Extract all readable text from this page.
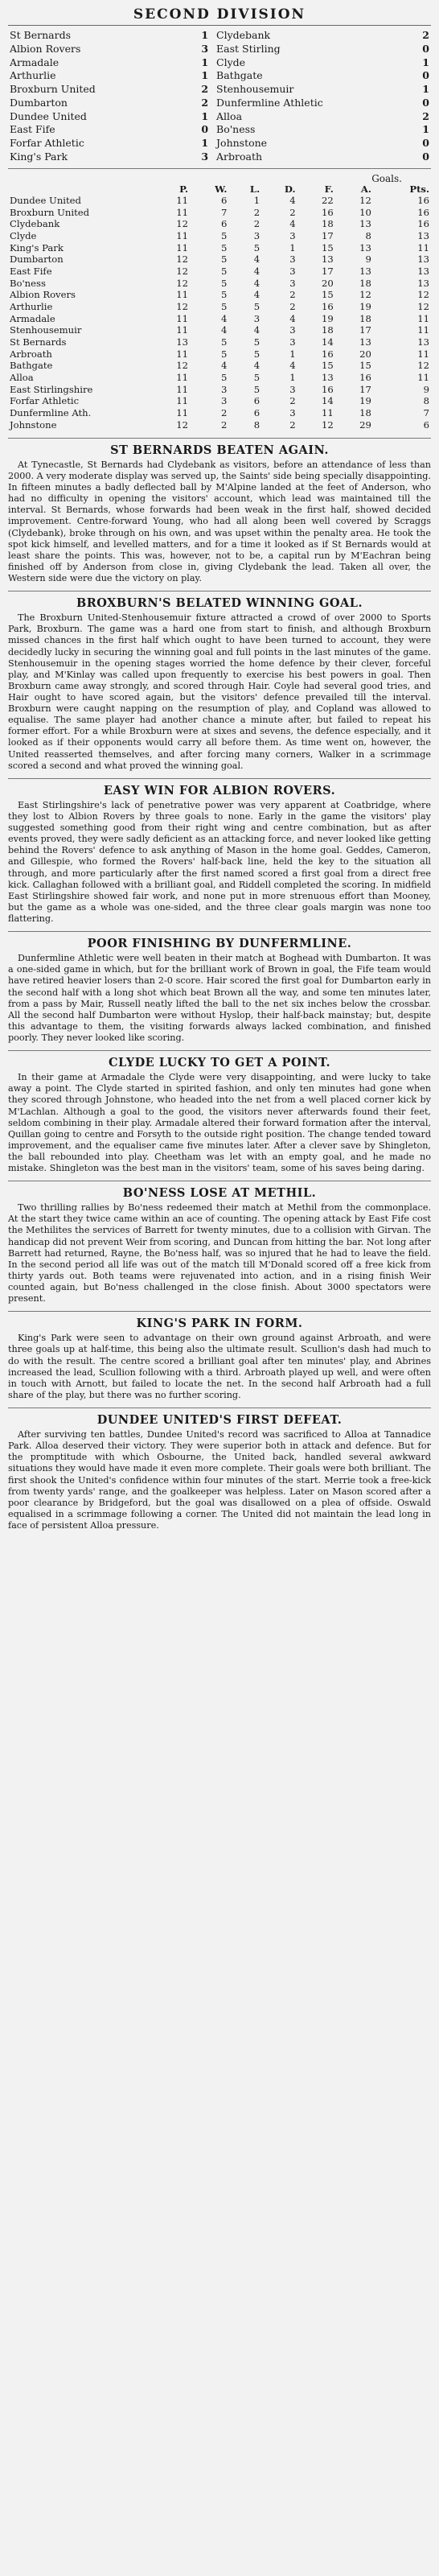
SECOND DIVISION
St Bernards	1	Clydebank	2
Albion Rovers	3	East Stirling	0
Armadale	1	Clyde	1
Arthurlie	1	Bathgate	0
Broxburn United	2	Stenhousemuir	1
Dumbarton	2	Dunfermline Athletic	0
Dundee United	1	Alloa	2
East Fife	0	Bo'ness	1
Forfar Athletic	1	Johnstone	0
King's Park	3	Arbroath	0
Goals.
	P.	W.	L.	D.	F.	A.	Pts.
Dundee United	11	6	1	4	22	12	16
Broxburn United	11	7	2	2	16	10	16
Clydebank	12	6	2	4	18	13	16
Clyde	11	5	3	3	17	8	13
King's Park	11	5	5	1	15	13	11
Dumbarton	12	5	4	3	13	9	13
East Fife	12	5	4	3	17	13	13
Bo'ness	12	5	4	3	20	18	13
Albion Rovers	11	5	4	2	15	12	12
Arthurlie	12	5	5	2	16	19	12
Armadale	11	4	3	4	19	18	11
Stenhousemuir	11	4	4	3	18	17	11
St Bernards	13	5	5	3	14	13	13
Arbroath	11	5	5	1	16	20	11
Bathgate	12	4	4	4	15	15	12
Alloa	11	5	5	1	13	16	11
East Stirlingshire	11	3	5	3	16	17	9
Forfar Athletic	11	3	6	2	14	19	8
Dunfermline Ath.	11	2	6	3	11	18	7
Johnstone	12	2	8	2	12	29	6
ST BERNARDS BEATEN AGAIN.

At Tynecastle, St Bernards had Clydebank as visitors, before an attendance of less than 2000. A very moderate display was served up, the Saints' side being specially disappointing. In fifteen minutes a badly deflected ball by M'Alpine landed at the feet of Anderson, who had no difficulty in opening the visitors' account, which lead was maintained till the interval. St Bernards, whose forwards had been weak in the first half, showed decided improvement. Centre-forward Young, who had all along been well covered by Scraggs (Clydebank), broke through on his own, and was upset within the penalty area. He took the spot kick himself, and levelled matters, and for a time it looked as if St Bernards would at least share the points. This was, however, not to be, a capital run by M'Eachran being finished off by Anderson from close in, giving Clydebank the lead. Taken all over, the Western side were due the victory on play.

BROXBURN'S BELATED WINNING GOAL.

The Broxburn United-Stenhousemuir fixture attracted a crowd of over 2000 to Sports Park, Broxburn. The game was a hard one from start to finish, and although Broxburn missed chances in the first half which ought to have been turned to account, they were decidedly lucky in securing the winning goal and full points in the last minutes of the game. Stenhousemuir in the opening stages worried the home defence by their clever, forceful play, and M'Kinlay was called upon frequently to exercise his best powers in goal. Then Broxburn came away strongly, and scored through Hair. Coyle had several good tries, and Hair ought to have scored again, but the visitors' defence prevailed till the interval. Broxburn were caught napping on the resumption of play, and Copland was allowed to equalise. The same player had another chance a minute after, but failed to repeat his former effort. For a while Broxburn were at sixes and sevens, the defence especially, and it looked as if their opponents would carry all before them. As time went on, however, the United reasserted themselves, and after forcing many corners, Walker in a scrimmage scored a second and what proved the winning goal.

EASY WIN FOR ALBION ROVERS.

East Stirlingshire's lack of penetrative power was very apparent at Coatbridge, where they lost to Albion Rovers by three goals to none. Early in the game the visitors' play suggested something good from their right wing and centre combination, but as after events proved, they were sadly deficient as an attacking force, and never looked like getting behind the Rovers' defence to ask anything of Mason in the home goal. Geddes, Cameron, and Gillespie, who formed the Rovers' half-back line, held the key to the situation all through, and more particularly after the first named scored a first goal from a direct free kick. Callaghan followed with a brilliant goal, and Riddell completed the scoring. In midfield East Stirlingshire showed fair work, and none put in more strenuous effort than Mooney, but the game as a whole was one-sided, and the three clear goals margin was none too flattering.

POOR FINISHING BY DUNFERMLINE.

Dunfermline Athletic were well beaten in their match at Boghead with Dumbarton. It was a one-sided game in which, but for the brilliant work of Brown in goal, the Fife team would have retired heavier losers than 2-0 score. Hair scored the first goal for Dumbarton early in the second half with a long shot which beat Brown all the way, and some ten minutes later, from a pass by Mair, Russell neatly lifted the ball to the net six inches below the crossbar. All the second half Dumbarton were without Hyslop, their half-back mainstay; but, despite this advantage to them, the visiting forwards always lacked combination, and finished poorly. They never looked like scoring.

CLYDE LUCKY TO GET A POINT.

In their game at Armadale the Clyde were very disappointing, and were lucky to take away a point. The Clyde started in spirited fashion, and only ten minutes had gone when they scored through Johnstone, who headed into the net from a well placed corner kick by M'Lachlan. Although a goal to the good, the visitors never afterwards found their feet, seldom combining in their play. Armadale altered their forward formation after the interval, Quillan going to centre and Forsyth to the outside right position. The change tended toward improvement, and the equaliser came five minutes later. After a clever save by Shingleton, the ball rebounded into play. Cheetham was let with an empty goal, and he made no mistake. Shingleton was the best man in the visitors' team, some of his saves being daring.

BO'NESS LOSE AT METHIL.

Two thrilling rallies by Bo'ness redeemed their match at Methil from the commonplace. At the start they twice came within an ace of counting. The opening attack by East Fife cost the Methilites the services of Barrett for twenty minutes, due to a collision with Girvan. The handicap did not prevent Weir from scoring, and Duncan from hitting the bar. Not long after Barrett had returned, Rayne, the Bo'ness half, was so injured that he had to leave the field. In the second period all life was out of the match till M'Donald scored off a free kick from thirty yards out. Both teams were rejuvenated into action, and in a rising finish Weir counted again, but Bo'ness challenged in the close finish. About 3000 spectators were present.

KING'S PARK IN FORM.

King's Park were seen to advantage on their own ground against Arbroath, and were three goals up at half-time, this being also the ultimate result. Scullion's dash had much to do with the result. The centre scored a brilliant goal after ten minutes' play, and Abrines increased the lead, Scullion following with a third. Arbroath played up well, and were often in touch with Arnott, but failed to locate the net. In the second half Arbroath had a full share of the play, but there was no further scoring.

DUNDEE UNITED'S FIRST DEFEAT.

After surviving ten battles, Dundee United's record was sacrificed to Alloa at Tannadice Park. Alloa deserved their victory. They were superior both in attack and defence. But for the promptitude with which Osbourne, the United back, handled several awkward situations they would have made it even more complete. Their goals were both brilliant. The first shook the United's confidence within four minutes of the start. Merrie took a free-kick from twenty yards' range, and the goalkeeper was helpless. Later on Mason scored after a poor clearance by Bridgeford, but the goal was disallowed on a plea of offside. Oswald equalised in a scrimmage following a corner. The United did not maintain the lead long in face of persistent Alloa pressure.
